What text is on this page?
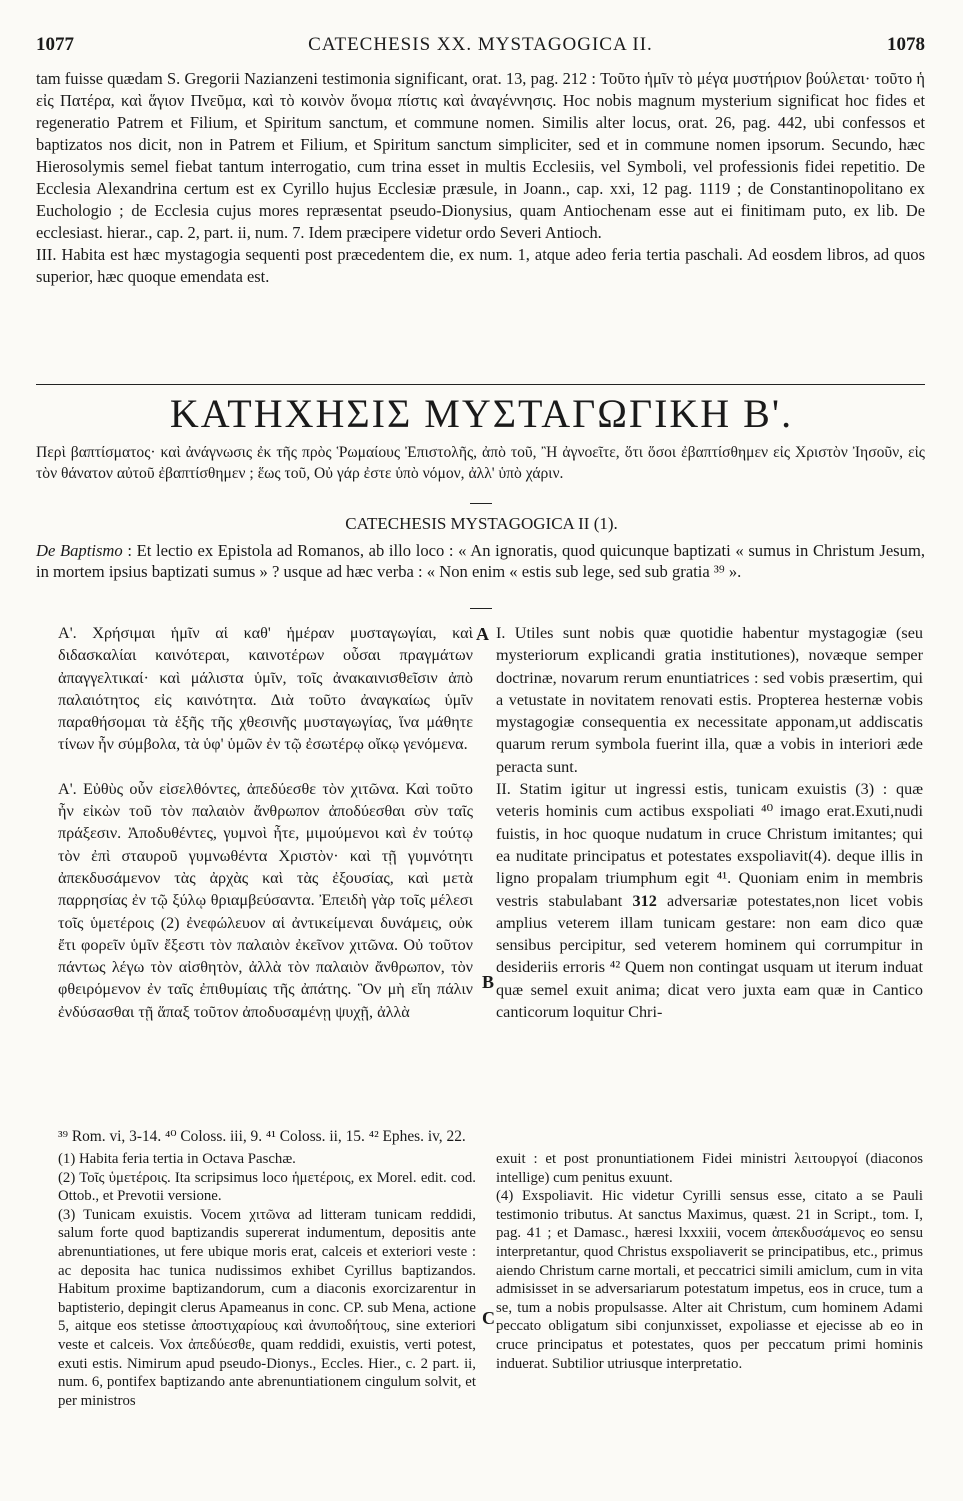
1077	CATECHESIS XX. MYSTAGOGICA II.	1078

tam fuisse quædam S. Gregorii Nazianzeni testimonia significant, orat. 13, pag. 212 : Τοῦτο ἡμῖν τὸ μέγα μυστήριον βούλεται· τοῦτο ἡ εἰς Πατέρα, καὶ ἅγιον Πνεῦμα, καὶ τὸ κοινὸν ὄνομα πίστις καὶ ἀναγέννησις. Hoc nobis magnum mysterium significat hoc fides et regeneratio Patrem et Filium, et Spiritum sanctum, et commune nomen. Similis alter locus, orat. 26, pag. 442, ubi confessos et baptizatos nos dicit, non in Patrem et Filium, et Spiritum sanctum simpliciter, sed et in commune nomen ipsorum. Secundo, hæc Hierosolymis semel fiebat tantum interrogatio, cum trina esset in multis Ecclesiis, vel Symboli, vel professionis fidei repetitio. De Ecclesia Alexandrina certum est ex Cyrillo hujus Ecclesiæ præsule, in Joann., cap. xxi, 12 pag. 1119 ; de Constantinopolitano ex Euchologio ; de Ecclesia cujus mores repræsentat pseudo-Dionysius, quam Antiochenam esse aut ei finitimam puto, ex lib. De ecclesiast. hierar., cap. 2, part. ii, num. 7. Idem præcipere videtur ordo Severi Antioch.

III. Habita est hæc mystagogia sequenti post præcedentem die, ex num. 1, atque adeo feria tertia paschali. Ad eosdem libros, ad quos superior, hæc quoque emendata est.

ΚΑΤΗΧΗΣΙΣ ΜΥΣΤΑΓΩΓΙΚΗ Β'.
Περὶ βαπτίσματος· καὶ ἀνάγνωσις ἐκ τῆς πρὸς Ῥωμαίους Ἐπιστολῆς, ἀπὸ τοῦ, Ἢ ἀγνοεῖτε, ὅτι ὅσοι ἐβαπτίσθημεν εἰς Χριστὸν Ἰησοῦν, εἰς τὸν θάνατον αὐτοῦ ἐβαπτίσθημεν ; ἕως τοῦ, Οὐ γάρ ἐστε ὑπὸ νόμον, ἀλλ' ὑπὸ χάριν.
CATECHESIS MYSTAGOGICA II (1).
De Baptismo : Et lectio ex Epistola ad Romanos, ab illo loco : « An ignoratis, quod quicunque baptizati « sumus in Christum Jesum, in mortem ipsius baptizati sumus » ? usque ad hæc verba : « Non enim « estis sub lege, sed sub gratia ³⁹ ».

Α'. Χρήσιμαι ἡμῖν αἱ καθ' ἡμέραν μυσταγωγίαι, καὶ διδασκαλίαι καινότεραι, καινοτέρων οὖσαι πραγμάτων ἀπαγγελτικαί· καὶ μάλιστα ὑμῖν, τοῖς ἀνακαινισθεῖσιν ἀπὸ παλαιότητος εἰς καινότητα. Διὰ τοῦτο ἀναγκαίως ὑμῖν παραθήσομαι τὰ ἑξῆς τῆς χθεσινῆς μυσταγωγίας, ἵνα μάθητε τίνων ἦν σύμβολα, τὰ ὑφ' ὑμῶν ἐν τῷ ἐσωτέρῳ οἴκῳ γενόμενα.

Α'. Εὐθὺς οὖν εἰσελθόντες, ἀπεδύεσθε τὸν χιτῶνα. Καὶ τοῦτο ἦν εἰκὼν τοῦ τὸν παλαιὸν ἄνθρωπον ἀποδύεσθαι σὺν ταῖς πράξεσιν. Ἀποδυθέντες, γυμνοὶ ἦτε, μιμούμενοι καὶ ἐν τούτῳ τὸν ἐπὶ σταυροῦ γυμνωθέντα Χριστὸν· καὶ τῇ γυμνότητι ἀπεκδυσάμενον τὰς ἀρχὰς καὶ τὰς ἐξουσίας, καὶ μετὰ παρρησίας ἐν τῷ ξύλῳ θριαμβεύσαντα. Ἐπειδὴ γὰρ τοῖς μέλεσι τοῖς ὑμετέροις (2) ἐνεφώλευον αἱ ἀντικείμεναι δυνάμεις, οὐκ ἔτι φορεῖν ὑμῖν ἔξεστι τὸν παλαιὸν ἐκεῖνον χιτῶνα. Οὐ τοῦτον πάντως λέγω τὸν αἰσθητὸν, ἀλλὰ τὸν παλαιὸν ἄνθρωπον, τὸν φθειρόμενον ἐν ταῖς ἐπιθυμίαις τῆς ἀπάτης. Ὃν μὴ εἴη πάλιν ἐνδύσασθαι τῇ ἅπαξ τοῦτον ἀποδυσαμένῃ ψυχῇ, ἀλλὰ

A
B
C

I. Utiles sunt nobis quæ quotidie habentur mystagogiæ (seu mysteriorum explicandi gratia institutiones), novæque semper doctrinæ, novarum rerum enuntiatrices : sed vobis præsertim, qui a vetustate in novitatem renovati estis. Propterea hesternæ vobis mystagogiæ consequentia ex necessitate apponam,ut addiscatis quarum rerum symbola fuerint illa, quæ a vobis in interiori æde peracta sunt.

II. Statim igitur ut ingressi estis, tunicam exuistis (3) : quæ veteris hominis cum actibus exspoliati ⁴⁰ imago erat.Exuti,nudi fuistis, in hoc quoque nudatum in cruce Christum imitantes; qui ea nuditate principatus et potestates exspoliavit(4). deque illis in ligno propalam triumphum egit ⁴¹. Quoniam enim in membris vestris stabulabant 312 adversariæ potestates,non licet vobis amplius veterem illam tunicam gestare: non eam dico quæ sensibus percipitur, sed veterem hominem qui corrumpitur in desideriis erroris ⁴² Quem non contingat usquam ut iterum induat quæ semel exuit anima; dicat vero juxta eam quæ in Cantico canticorum loquitur Chri-

³⁹ Rom. vi, 3-14. ⁴⁰ Coloss. iii, 9. ⁴¹ Coloss. ii, 15. ⁴² Ephes. iv, 22.

(1) Habita feria tertia in Octava Paschæ.

(2) Τοῖς ὑμετέροις. Ita scripsimus loco ἡμετέροις, ex Morel. edit. cod. Ottob., et Prevotii versione.

(3) Tunicam exuistis. Vocem χιτῶνα ad litteram tunicam reddidi, salum forte quod baptizandis supererat indumentum, depositis ante abrenuntiationes, ut fere ubique moris erat, calceis et exteriori veste : ac deposita hac tunica nudissimos exhibet Cyrillus baptizandos. Habitum proxime baptizandorum, cum a diaconis exorcizarentur in baptisterio, depingit clerus Apameanus in conc. CP. sub Mena, actione 5, aitque eos stetisse ἀποστιχαρίους καὶ ἀνυποδήτους, sine exteriori veste et calceis. Vox ἀπεδύεσθε, quam reddidi, exuistis, verti potest, exuti estis. Nimirum apud pseudo-Dionys., Eccles. Hier., c. 2 part. ii, num. 6, pontifex baptizando ante abrenuntiationem cingulum solvit, et per ministros

exuit : et post pronuntiationem Fidei ministri λειτουργοί (diaconos intellige) cum penitus exuunt.

(4) Exspoliavit. Hic videtur Cyrilli sensus esse, citato a se Pauli testimonio tributus. At sanctus Maximus, quæst. 21 in Script., tom. I, pag. 41 ; et Damasc., hæresi lxxxiii, vocem ἀπεκδυσάμενος eo sensu interpretantur, quod Christus exspoliaverit se principatibus, etc., primus aiendo Christum carne mortali, et peccatrici simili amiclum, cum in vita admisisset in se adversariarum potestatum impetus, eos in cruce, tum a se, tum a nobis propulsasse. Alter ait Christum, cum hominem Adami peccato obligatum sibi conjunxisset, expoliasse et ejecisse ab eo in cruce principatus et potestates, quos per peccatum primi hominis induerat. Subtilior utriusque interpretatio.
